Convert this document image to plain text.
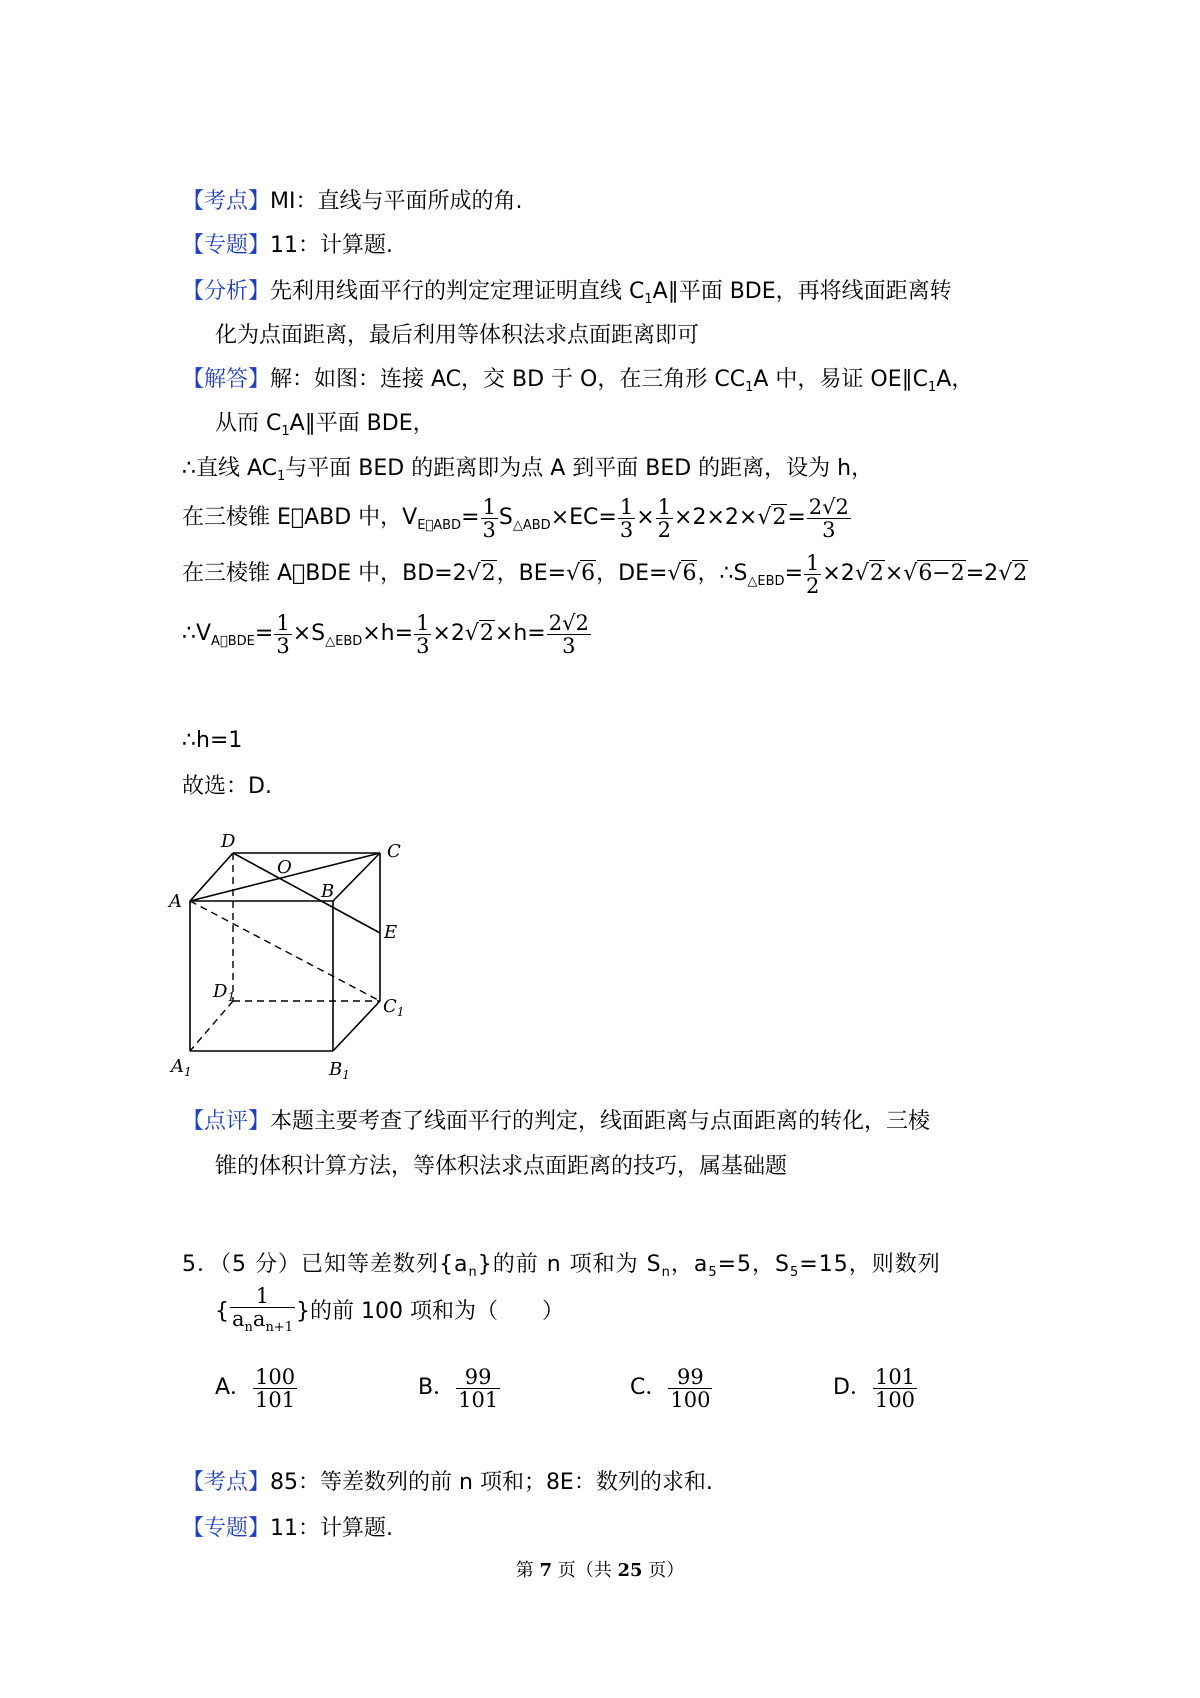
【考点】MI：直线与平面所成的角.
【专题】11：计算题.
【分析】先利用线面平行的判定定理证明直线 $C_1A\parallel$平面 BDE，再将线面距离转
化为点面距离，最后利用等体积法求点面距离即可
【解答】解：如图：连接 AC，交 BD 于 O，在三角形 $CC_1A$ 中，易证 $OE\parallel C_1A$，
从而 $C_1A\parallel$平面 BDE，
∴直线 $AC_1$与平面 BED 的距离即为点 A 到平面 BED 的距离，设为 h，
在三棱锥 E￿ABD 中，$V_{E￿ABD}= \frac{1}{3} S_{\triangle ABD}\times EC= \frac{1}{3} \times \frac{1}{2} \times 2\times 2\times√2= \frac{2√2}{3}$
在三棱锥 A￿BDE 中，BD=2√2，BE=√6，DE=√6，$\therefore S_{\triangle EBD}= \frac{1}{2} \times 2√2\times√6-2=2√2$
$\therefore V_{A￿BDE}= \frac{1}{3} \times S_{\triangle EBD}\times h= \frac{1}{3} \times 2√2\times h= \frac{2√2}{3}$
∴h=1
故选：D.
D	C
O
B
A
E
$D_1$	$C_1$
$A_1$	$B_1$
【点评】本题主要考查了线面平行的判定，线面距离与点面距离的转化，三棱
锥的体积计算方法，等体积法求点面距离的技巧，属基础题
5．（5 分）已知等差数列$\{a_n\}$的前 n 项和为 $S_n$，$a_5=5$，$S_5=15$，则数列
{ $\frac{1}{a_na_{n+1}}$ }的前 100 项和为（　　）
A． $\frac{100}{101}$	B． $\frac{99}{101}$	C． $\frac{99}{100}$	D． $\frac{101}{100}$
【考点】85：等差数列的前 n 项和；8E：数列的求和.
【专题】11：计算题.
第 7 页（共 25 页）
